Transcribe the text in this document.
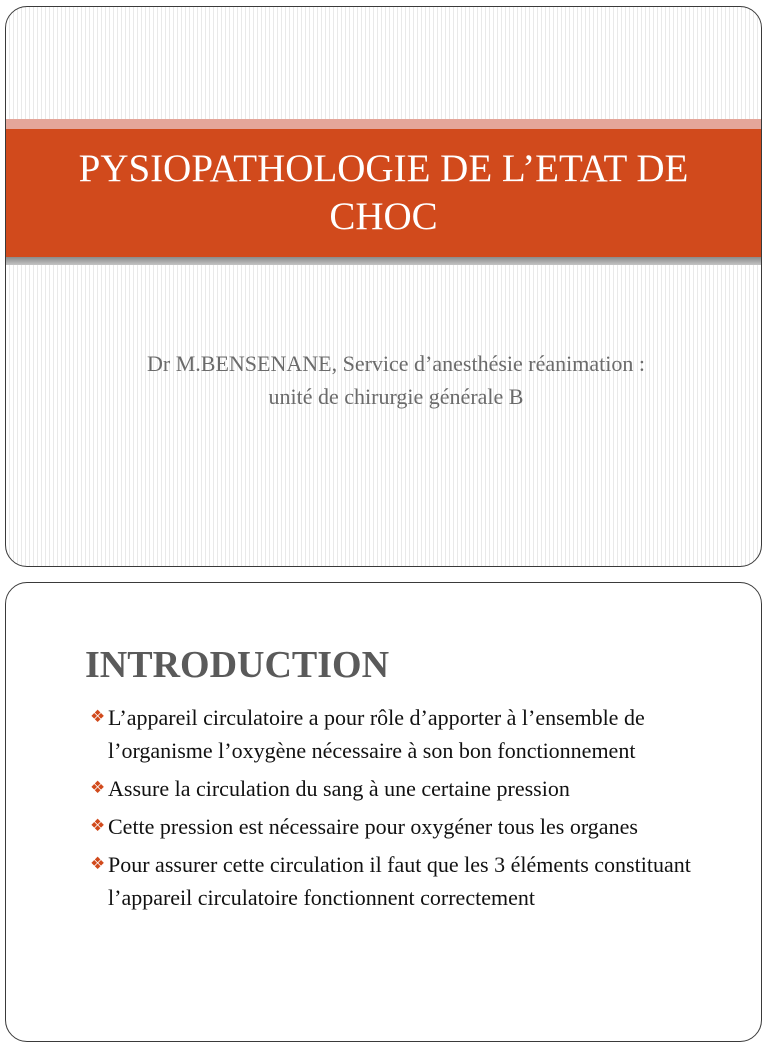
PYSIOPATHOLOGIE DE L’ETAT DE CHOC
Dr M.BENSENANE, Service d’anesthésie réanimation : unité de chirurgie générale B
INTRODUCTION
❖ L’appareil circulatoire a pour rôle d’apporter à l’ensemble de l’organisme l’oxygène nécessaire à son bon fonctionnement
❖ Assure la circulation du sang à une certaine pression
❖ Cette pression est nécessaire pour oxygéner tous les organes
❖ Pour assurer cette circulation il faut que les 3 éléments constituant l’appareil circulatoire fonctionnent correctement
